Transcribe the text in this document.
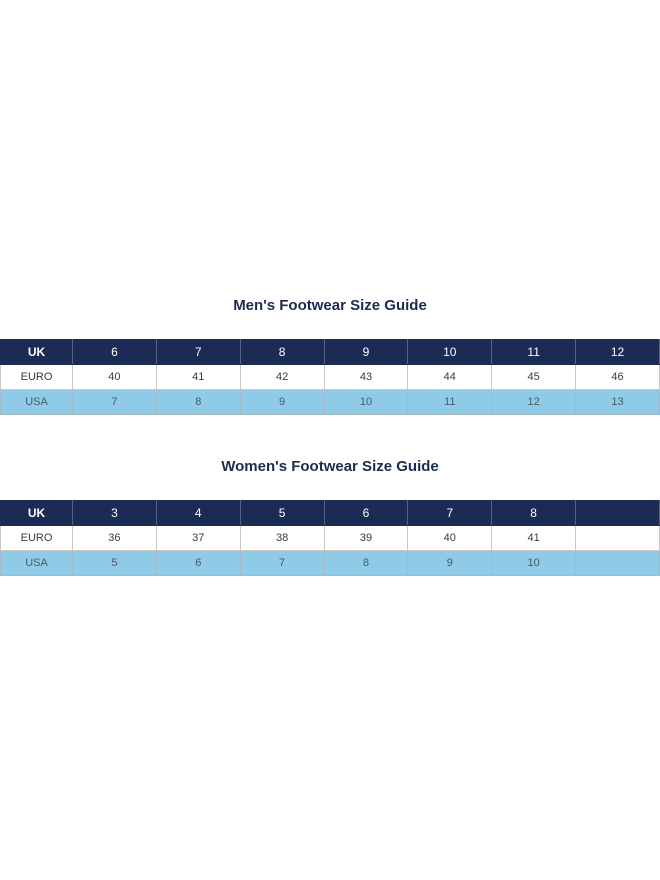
Men's Footwear Size Guide
UK	6	7	8	9	10	11	12
EURO	40	41	42	43	44	45	46
USA	7	8	9	10	11	12	13
Women's Footwear Size Guide
UK	3	4	5	6	7	8	
EURO	36	37	38	39	40	41	
USA	5	6	7	8	9	10	
